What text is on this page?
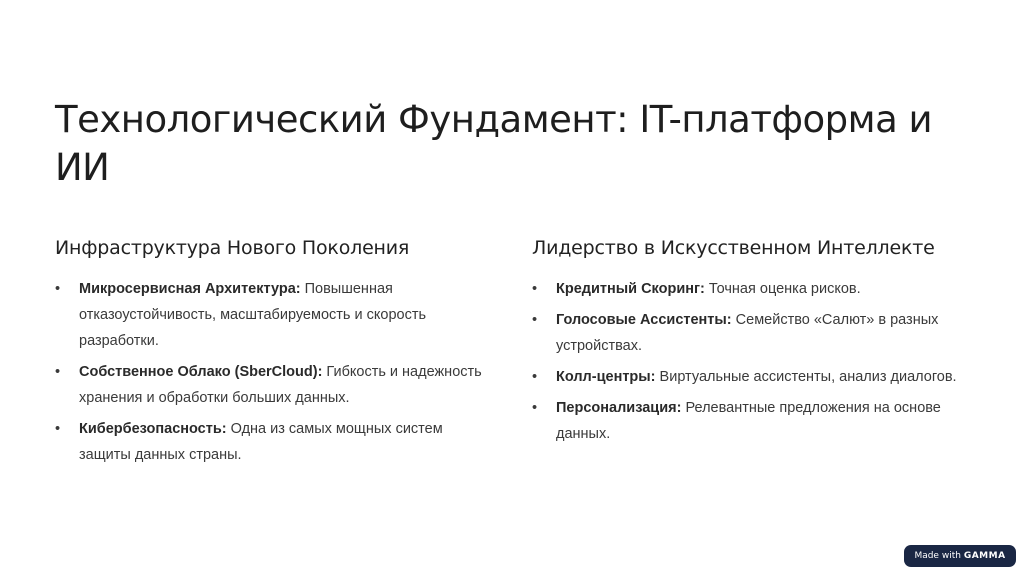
Технологический Фундамент: IT-платформа и ИИ
Инфраструктура Нового Поколения
• Микросервисная Архитектура: Повышенная отказоустойчивость, масштабируемость и скорость разработки.
• Собственное Облако (SberCloud): Гибкость и надежность хранения и обработки больших данных.
• Кибербезопасность: Одна из самых мощных систем защиты данных страны.
Лидерство в Искусственном Интеллекте
• Кредитный Скоринг: Точная оценка рисков.
• Голосовые Ассистенты: Семейство «Салют» в разных устройствах.
• Колл-центры: Виртуальные ассистенты, анализ диалогов.
• Персонализация: Релевантные предложения на основе данных.
Made with GAMMA
